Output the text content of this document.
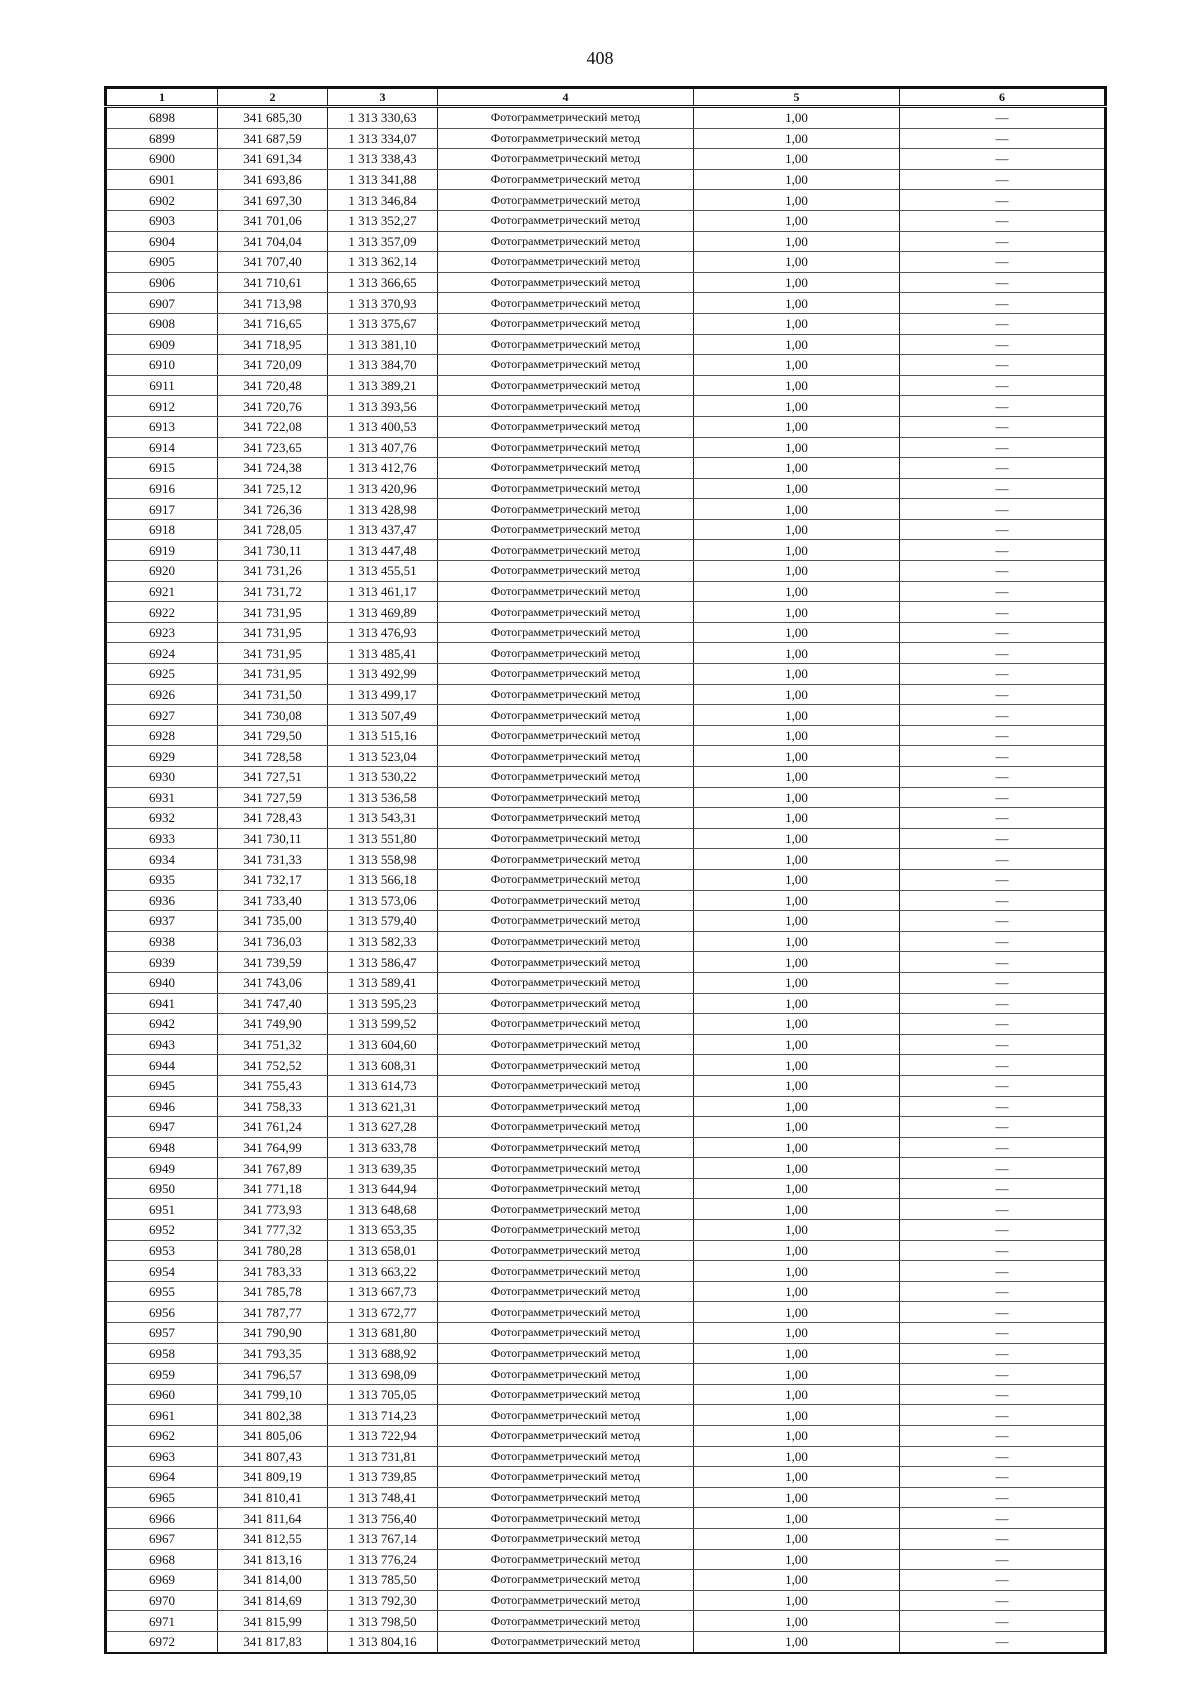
408
1	2	3	4	5	6
6898	341 685,30	1 313 330,63	Фотограмметрический метод	1,00	—
6899	341 687,59	1 313 334,07	Фотограмметрический метод	1,00	—
6900	341 691,34	1 313 338,43	Фотограмметрический метод	1,00	—
6901	341 693,86	1 313 341,88	Фотограмметрический метод	1,00	—
6902	341 697,30	1 313 346,84	Фотограмметрический метод	1,00	—
6903	341 701,06	1 313 352,27	Фотограмметрический метод	1,00	—
6904	341 704,04	1 313 357,09	Фотограмметрический метод	1,00	—
6905	341 707,40	1 313 362,14	Фотограмметрический метод	1,00	—
6906	341 710,61	1 313 366,65	Фотограмметрический метод	1,00	—
6907	341 713,98	1 313 370,93	Фотограмметрический метод	1,00	—
6908	341 716,65	1 313 375,67	Фотограмметрический метод	1,00	—
6909	341 718,95	1 313 381,10	Фотограмметрический метод	1,00	—
6910	341 720,09	1 313 384,70	Фотограмметрический метод	1,00	—
6911	341 720,48	1 313 389,21	Фотограмметрический метод	1,00	—
6912	341 720,76	1 313 393,56	Фотограмметрический метод	1,00	—
6913	341 722,08	1 313 400,53	Фотограмметрический метод	1,00	—
6914	341 723,65	1 313 407,76	Фотограмметрический метод	1,00	—
6915	341 724,38	1 313 412,76	Фотограмметрический метод	1,00	—
6916	341 725,12	1 313 420,96	Фотограмметрический метод	1,00	—
6917	341 726,36	1 313 428,98	Фотограмметрический метод	1,00	—
6918	341 728,05	1 313 437,47	Фотограмметрический метод	1,00	—
6919	341 730,11	1 313 447,48	Фотограмметрический метод	1,00	—
6920	341 731,26	1 313 455,51	Фотограмметрический метод	1,00	—
6921	341 731,72	1 313 461,17	Фотограмметрический метод	1,00	—
6922	341 731,95	1 313 469,89	Фотограмметрический метод	1,00	—
6923	341 731,95	1 313 476,93	Фотограмметрический метод	1,00	—
6924	341 731,95	1 313 485,41	Фотограмметрический метод	1,00	—
6925	341 731,95	1 313 492,99	Фотограмметрический метод	1,00	—
6926	341 731,50	1 313 499,17	Фотограмметрический метод	1,00	—
6927	341 730,08	1 313 507,49	Фотограмметрический метод	1,00	—
6928	341 729,50	1 313 515,16	Фотограмметрический метод	1,00	—
6929	341 728,58	1 313 523,04	Фотограмметрический метод	1,00	—
6930	341 727,51	1 313 530,22	Фотограмметрический метод	1,00	—
6931	341 727,59	1 313 536,58	Фотограмметрический метод	1,00	—
6932	341 728,43	1 313 543,31	Фотограмметрический метод	1,00	—
6933	341 730,11	1 313 551,80	Фотограмметрический метод	1,00	—
6934	341 731,33	1 313 558,98	Фотограмметрический метод	1,00	—
6935	341 732,17	1 313 566,18	Фотограмметрический метод	1,00	—
6936	341 733,40	1 313 573,06	Фотограмметрический метод	1,00	—
6937	341 735,00	1 313 579,40	Фотограмметрический метод	1,00	—
6938	341 736,03	1 313 582,33	Фотограмметрический метод	1,00	—
6939	341 739,59	1 313 586,47	Фотограмметрический метод	1,00	—
6940	341 743,06	1 313 589,41	Фотограмметрический метод	1,00	—
6941	341 747,40	1 313 595,23	Фотограмметрический метод	1,00	—
6942	341 749,90	1 313 599,52	Фотограмметрический метод	1,00	—
6943	341 751,32	1 313 604,60	Фотограмметрический метод	1,00	—
6944	341 752,52	1 313 608,31	Фотограмметрический метод	1,00	—
6945	341 755,43	1 313 614,73	Фотограмметрический метод	1,00	—
6946	341 758,33	1 313 621,31	Фотограмметрический метод	1,00	—
6947	341 761,24	1 313 627,28	Фотограмметрический метод	1,00	—
6948	341 764,99	1 313 633,78	Фотограмметрический метод	1,00	—
6949	341 767,89	1 313 639,35	Фотограмметрический метод	1,00	—
6950	341 771,18	1 313 644,94	Фотограмметрический метод	1,00	—
6951	341 773,93	1 313 648,68	Фотограмметрический метод	1,00	—
6952	341 777,32	1 313 653,35	Фотограмметрический метод	1,00	—
6953	341 780,28	1 313 658,01	Фотограмметрический метод	1,00	—
6954	341 783,33	1 313 663,22	Фотограмметрический метод	1,00	—
6955	341 785,78	1 313 667,73	Фотограмметрический метод	1,00	—
6956	341 787,77	1 313 672,77	Фотограмметрический метод	1,00	—
6957	341 790,90	1 313 681,80	Фотограмметрический метод	1,00	—
6958	341 793,35	1 313 688,92	Фотограмметрический метод	1,00	—
6959	341 796,57	1 313 698,09	Фотограмметрический метод	1,00	—
6960	341 799,10	1 313 705,05	Фотограмметрический метод	1,00	—
6961	341 802,38	1 313 714,23	Фотограмметрический метод	1,00	—
6962	341 805,06	1 313 722,94	Фотограмметрический метод	1,00	—
6963	341 807,43	1 313 731,81	Фотограмметрический метод	1,00	—
6964	341 809,19	1 313 739,85	Фотограмметрический метод	1,00	—
6965	341 810,41	1 313 748,41	Фотограмметрический метод	1,00	—
6966	341 811,64	1 313 756,40	Фотограмметрический метод	1,00	—
6967	341 812,55	1 313 767,14	Фотограмметрический метод	1,00	—
6968	341 813,16	1 313 776,24	Фотограмметрический метод	1,00	—
6969	341 814,00	1 313 785,50	Фотограмметрический метод	1,00	—
6970	341 814,69	1 313 792,30	Фотограмметрический метод	1,00	—
6971	341 815,99	1 313 798,50	Фотограмметрический метод	1,00	—
6972	341 817,83	1 313 804,16	Фотограмметрический метод	1,00	—
